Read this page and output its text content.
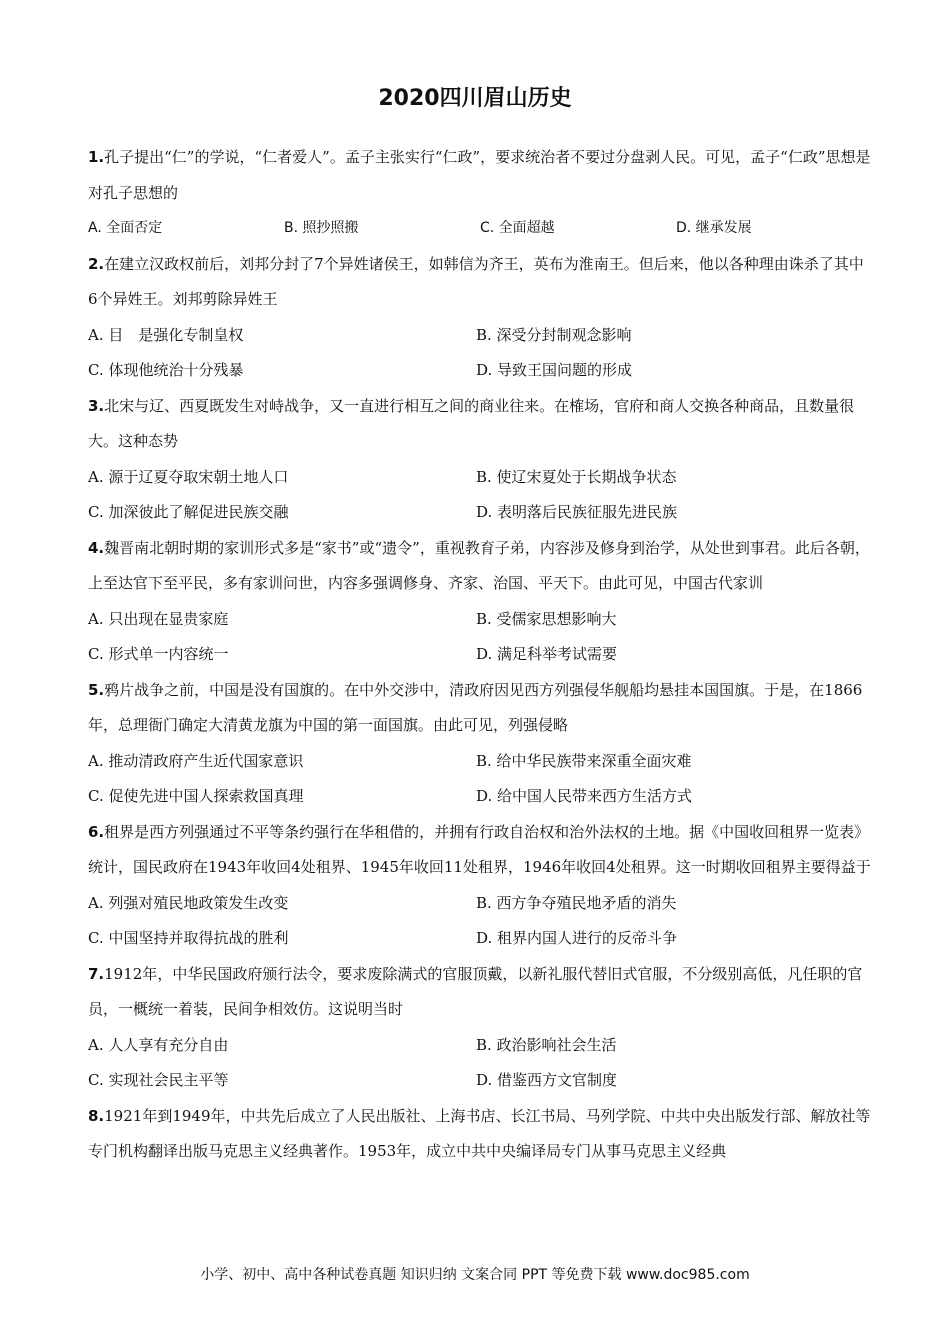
2020四川眉山历史
1.孔子提出“仁”的学说，“仁者爱人”。孟子主张实行“仁政”，要求统治者不要过分盘剥人民。可见，孟子“仁政”思想是对孔子思想的
A. 全面否定	B. 照抄照搬	C. 全面超越	D. 继承发展
2.在建立汉政权前后，刘邦分封了7个异姓诸侯王，如韩信为齐王，英布为淮南王。但后来，他以各种理由诛杀了其中6个异姓王。刘邦剪除异姓王
A. 目　是强化专制皇权	B. 深受分封制观念影响
C. 体现他统治十分残暴	D. 导致王国问题的形成
3.北宋与辽、西夏既发生对峙战争，又一直进行相互之间的商业往来。在榷场，官府和商人交换各种商品，且数量很大。这种态势
A. 源于辽夏夺取宋朝土地人口	B. 使辽宋夏处于长期战争状态
C. 加深彼此了解促进民族交融	D. 表明落后民族征服先进民族
4.魏晋南北朝时期的家训形式多是“家书”或“遗令”，重视教育子弟，内容涉及修身到治学，从处世到事君。此后各朝，上至达官下至平民，多有家训问世，内容多强调修身、齐家、治国、平天下。由此可见，中国古代家训
A. 只出现在显贵家庭	B. 受儒家思想影响大
C. 形式单一内容统一	D. 满足科举考试需要
5.鸦片战争之前，中国是没有国旗的。在中外交涉中，清政府因见西方列强侵华舰船均悬挂本国国旗。于是，在1866年，总理衙门确定大清黄龙旗为中国的第一面国旗。由此可见，列强侵略
A. 推动清政府产生近代国家意识	B. 给中华民族带来深重全面灾难
C. 促使先进中国人探索救国真理	D. 给中国人民带来西方生活方式
6.租界是西方列强通过不平等条约强行在华租借的，并拥有行政自治权和治外法权的土地。据《中国收回租界一览表》统计，国民政府在1943年收回4处租界、1945年收回11处租界，1946年收回4处租界。这一时期收回租界主要得益于
A. 列强对殖民地政策发生改变	B. 西方争夺殖民地矛盾的消失
C. 中国坚持并取得抗战的胜利	D. 租界内国人进行的反帝斗争
7.1912年，中华民国政府颁行法令，要求废除满式的官服顶戴，以新礼服代替旧式官服，不分级别高低，凡任职的官员，一概统一着装，民间争相效仿。这说明当时
A. 人人享有充分自由	B. 政治影响社会生活
C. 实现社会民主平等	D. 借鉴西方文官制度
8.1921年到1949年，中共先后成立了人民出版社、上海书店、长江书局、马列学院、中共中央出版发行部、解放社等专门机构翻译出版马克思主义经典著作。1953年，成立中共中央编译局专门从事马克思主义经典
小学、初中、高中各种试卷真题 知识归纳 文案合同 PPT 等免费下载 www.doc985.com
